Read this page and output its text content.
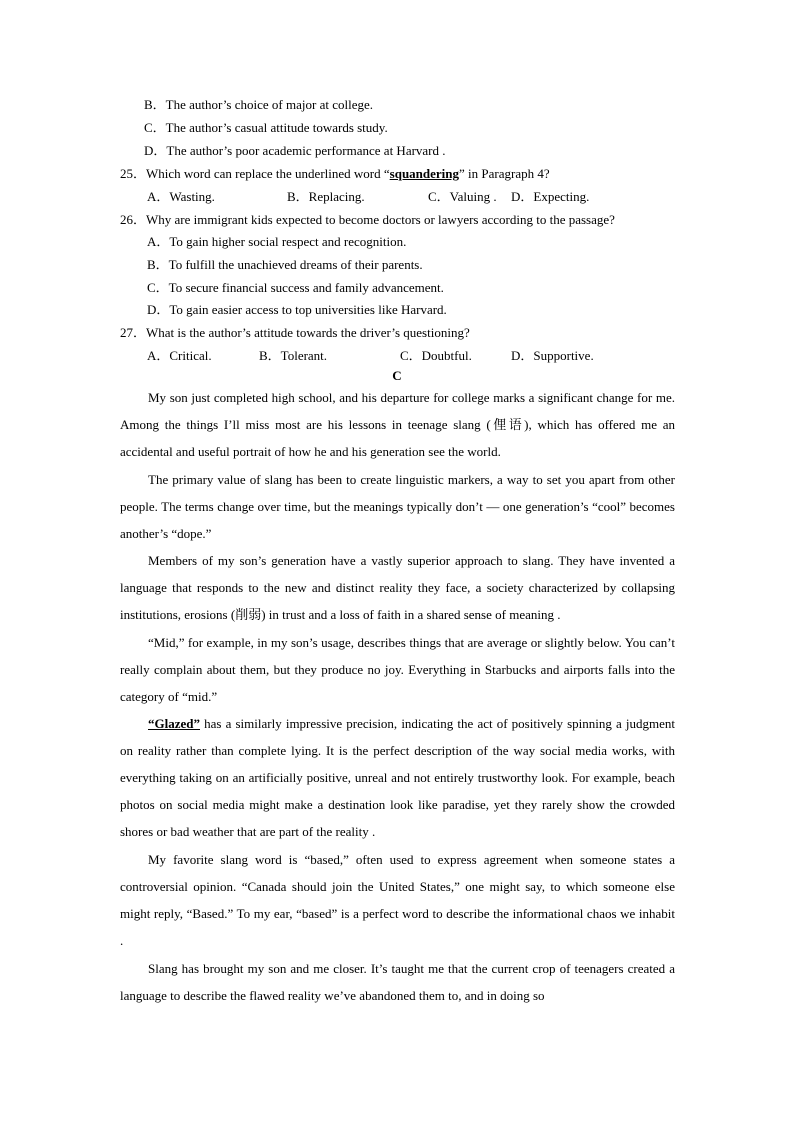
B．The author’s choice of major at college.
C．The author’s casual attitude towards study.
D．The author’s poor academic performance at Harvard .
25．Which word can replace the underlined word “squandering” in Paragraph 4?
A．Wasting.	B．Replacing.	C．Valuing . D．Expecting.
26．Why are immigrant kids expected to become doctors or lawyers according to the passage?
A．To gain higher social respect and recognition.
B．To fulfill the unachieved dreams of their parents.
C．To secure financial success and family advancement.
D．To gain easier access to top universities like Harvard.
27．What is the author’s attitude towards the driver’s questioning?
A．Critical.	B．Tolerant.	C．Doubtful.	D．Supportive.
C

My son just completed high school, and his departure for college marks a significant change for me. Among the things I’ll miss most are his lessons in teenage slang (俚语), which has offered me an accidental and useful portrait of how he and his generation see the world.

The primary value of slang has been to create linguistic markers, a way to set you apart from other people. The terms change over time, but the meanings typically don’t — one generation’s “cool” becomes another’s “dope.”

Members of my son’s generation have a vastly superior approach to slang. They have invented a language that responds to the new and distinct reality they face, a society characterized by collapsing institutions, erosions (削弱) in trust and a loss of faith in a shared sense of meaning .

“Mid,” for example, in my son’s usage, describes things that are average or slightly below. You can’t really complain about them, but they produce no joy. Everything in Starbucks and airports falls into the category of “mid.”

“Glazed” has a similarly impressive precision, indicating the act of positively spinning a judgment on reality rather than complete lying. It is the perfect description of the way social media works, with everything taking on an artificially positive, unreal and not entirely trustworthy look. For example, beach photos on social media might make a destination look like paradise, yet they rarely show the crowded shores or bad weather that are part of the reality .

My favorite slang word is “based,” often used to express agreement when someone states a controversial opinion. “Canada should join the United States,” one might say, to which someone else might reply, “Based.” To my ear, “based” is a perfect word to describe the informational chaos we inhabit .

Slang has brought my son and me closer. It’s taught me that the current crop of teenagers created a language to describe the flawed reality we’ve abandoned them to, and in doing so
